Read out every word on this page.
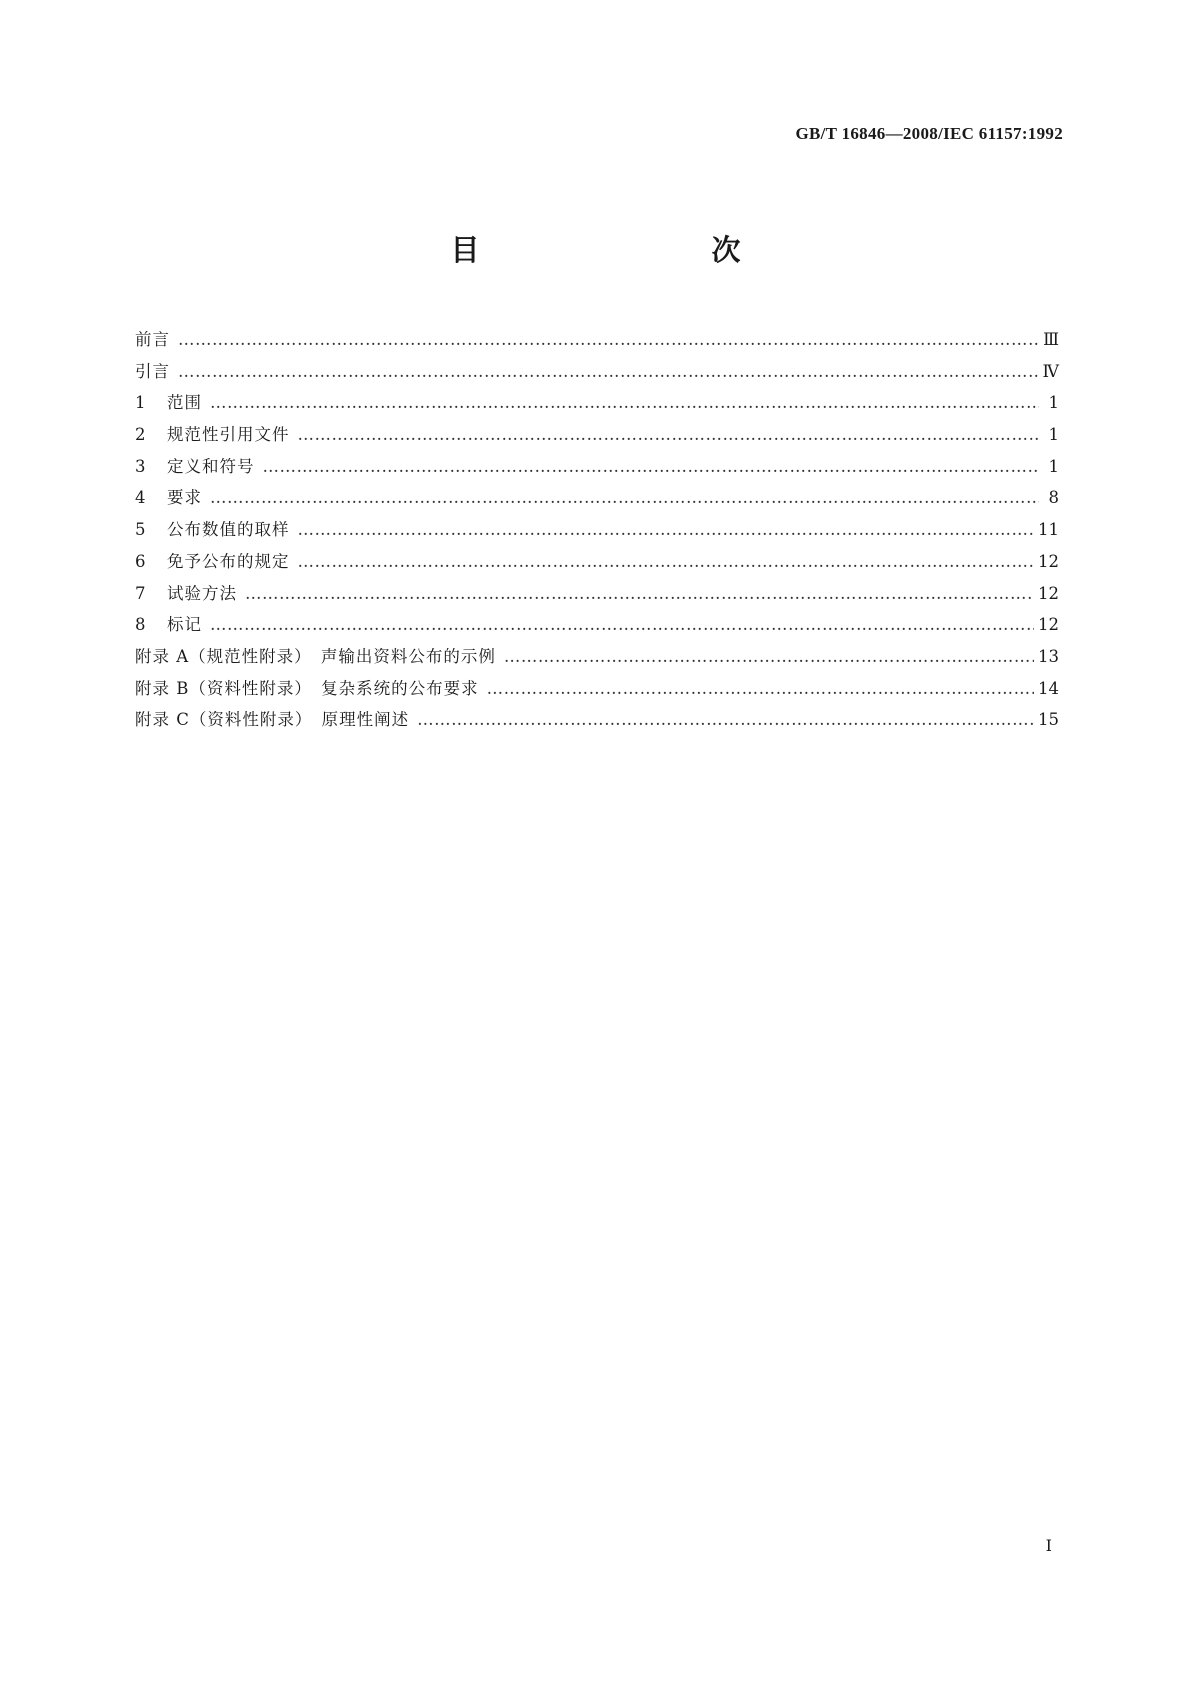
GB/T 16846—2008/IEC 61157:1992
目　　次
前言 ……………………………………………………………………………………………………………………………………………………………………………………………………………………………	Ⅲ
引言 ……………………………………………………………………………………………………………………………………………………………………………………………………………………………	Ⅳ
1	范围 ……………………………………………………………………………………………………………………………………………………………………………………………………………………………	1
2	规范性引用文件 ……………………………………………………………………………………………………………………………………………………………………………………………………………………………	1
3	定义和符号 ……………………………………………………………………………………………………………………………………………………………………………………………………………………………	1
4	要求 ……………………………………………………………………………………………………………………………………………………………………………………………………………………………	8
5	公布数值的取样 ……………………………………………………………………………………………………………………………………………………………………………………………………………………………	11
6	免予公布的规定 ……………………………………………………………………………………………………………………………………………………………………………………………………………………………	12
7	试验方法 ……………………………………………………………………………………………………………………………………………………………………………………………………………………………	12
8	标记 ……………………………………………………………………………………………………………………………………………………………………………………………………………………………	12
附录 A（规范性附录）　声输出资料公布的示例 ……………………………………………………………………………………………………………………………………………………………………………………………………………………………	13
附录 B（资料性附录）　复杂系统的公布要求 ……………………………………………………………………………………………………………………………………………………………………………………………………………………………	14
附录 C（资料性附录）　原理性阐述 ……………………………………………………………………………………………………………………………………………………………………………………………………………………………	15
Ⅰ
